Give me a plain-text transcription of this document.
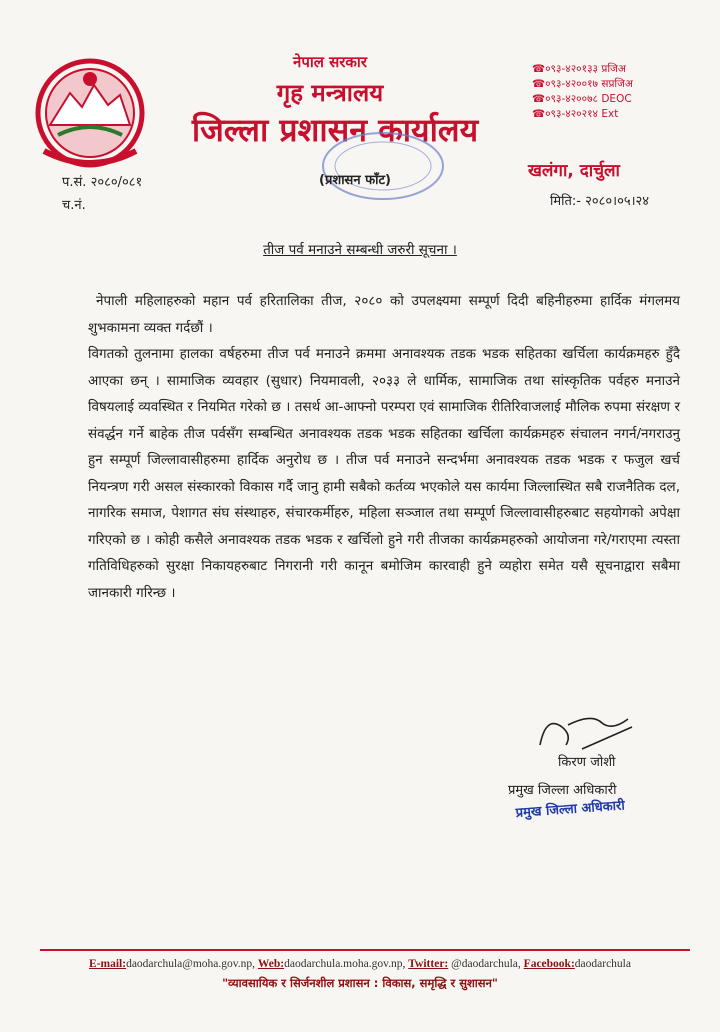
नेपाल सरकार
गृह मन्त्रालय
जिल्ला प्रशासन कार्यालय
(प्रशासन फाँट)
☎०९३-४२०१३३ प्रजिअ
☎०९३-४२००१७ सप्रजिअ
☎०९३-४२००७८ DEOC
☎०९३-४२०२१४ Ext
खलंगा, दार्चुला
मिति:- २०८०।०५।२४
प.सं. २०८०/०८१
च.नं.
तीज पर्व मनाउने सम्बन्धी जरुरी सूचना ।

नेपाली महिलाहरुको महान पर्व हरितालिका तीज, २०८० को उपलक्ष्यमा सम्पूर्ण दिदी बहिनीहरुमा हार्दिक मंगलमय शुभकामना व्यक्त गर्दछौं ।

विगतको तुलनामा हालका वर्षहरुमा तीज पर्व मनाउने क्रममा अनावश्यक तडक भडक सहितका खर्चिला कार्यक्रमहरु हुँदै आएका छन् । सामाजिक व्यवहार (सुधार) नियमावली, २०३३ ले धार्मिक, सामाजिक तथा सांस्कृतिक पर्वहरु मनाउने विषयलाई व्यवस्थित र नियमित गरेको छ । तसर्थ आ-आफ्नो परम्परा एवं सामाजिक रीतिरिवाजलाई मौलिक रुपमा संरक्षण र संवर्द्धन गर्ने बाहेक तीज पर्वसँग सम्बन्धित अनावश्यक तडक भडक सहितका खर्चिला कार्यक्रमहरु संचालन नगर्न/नगराउनु हुन सम्पूर्ण जिल्लावासीहरुमा हार्दिक अनुरोध छ । तीज पर्व मनाउने सन्दर्भमा अनावश्यक तडक भडक र फजुल खर्च नियन्त्रण गरी असल संस्कारको विकास गर्दै जानु हामी सबैको कर्तव्य भएकोले यस कार्यमा जिल्लास्थित सबै राजनैतिक दल, नागरिक समाज, पेशागत संघ संस्थाहरु, संचारकर्मीहरु, महिला सञ्जाल तथा सम्पूर्ण जिल्लावासीहरुबाट सहयोगको अपेक्षा गरिएको छ । कोही कसैले अनावश्यक तडक भडक र खर्चिलो हुने गरी तीजका कार्यक्रमहरुको आयोजना गरे/गराएमा त्यस्ता गतिविधिहरुको सुरक्षा निकायहरुबाट निगरानी गरी कानून बमोजिम कारवाही हुने व्यहोरा समेत यसै सूचनाद्वारा सबैमा जानकारी गरिन्छ ।

किरण जोशी
प्रमुख जिल्ला अधिकारी
प्रमुख जिल्ला अधिकारी
E-mail:daodarchula@moha.gov.np, Web:daodarchula.moha.gov.np, Twitter: @daodarchula, Facebook:daodarchula
"व्यावसायिक र सिर्जनशील प्रशासन : विकास, समृद्धि र सुशासन"
